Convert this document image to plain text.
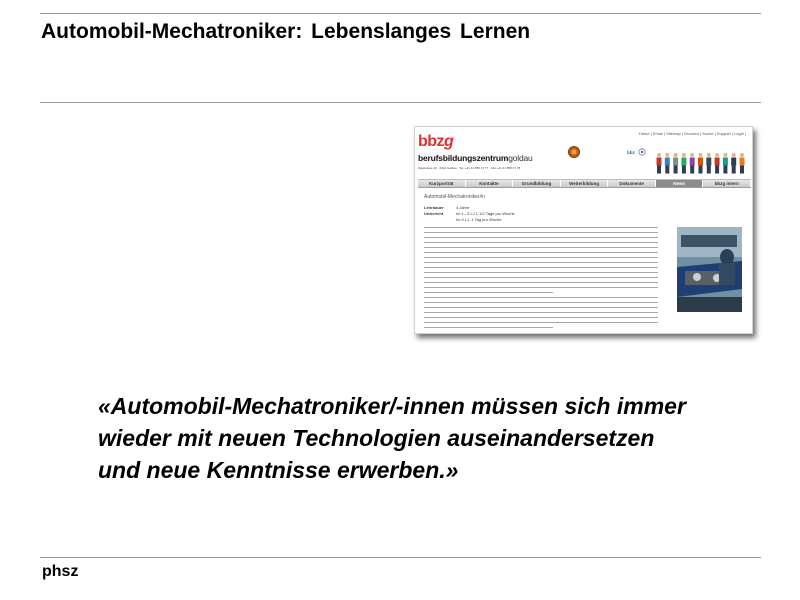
Automobil-Mechatroniker: Lebenslanges Lernen
Home | Email | Sitemap | Drucken | Suche | Support | Login |
bbzg
berufsbildungszentrumgoldau
Zaystrasse 46 · 6410 Goldau · Tel. +41 41 855 27 77 · Fax +41 41 855 27 78
bbz
Kurzporträt	Kontakte	Grundbildung	Weiterbildung	Dokumente	News	bbzg intern
Automobil-Mechatroniker/in
Lehrdauer	4 Jahre
Unterricht	Im 1.–3 LJ 1 1/2 Tage pro Woche
Im 4 LJ. 1 Tag pro Woche
«Automobil-Mechatroniker/-innen müssen sich immer wieder mit neuen Technologien auseinandersetzen und neue Kenntnisse erwerben.»
phsz
